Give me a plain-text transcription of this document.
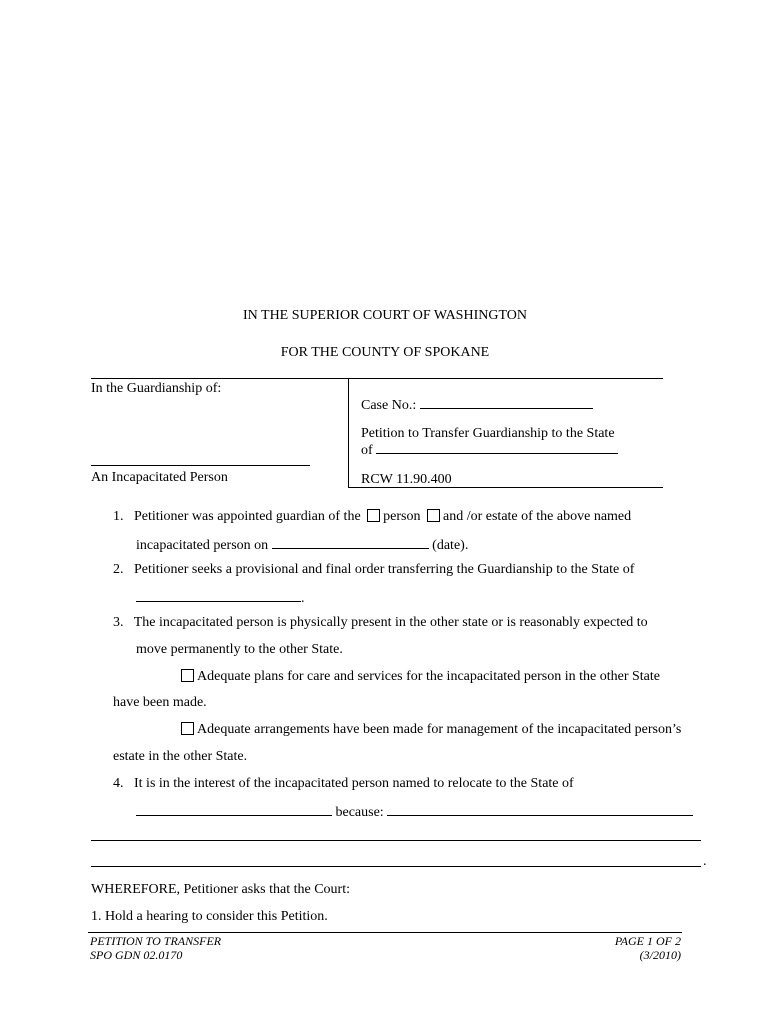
IN THE SUPERIOR COURT OF WASHINGTON
FOR THE COUNTY OF SPOKANE
In the Guardianship of:
An Incapacitated Person
Case No.:
Petition to Transfer Guardianship to the State
of
RCW 11.90.400
1. Petitioner was appointed guardian of the person and /or estate of the above named
incapacitated person on	(date).
2. Petitioner seeks a provisional and final order transferring the Guardianship to the State of
.
3. The incapacitated person is physically present in the other state or is reasonably expected to
move permanently to the other State.
Adequate plans for care and services for the incapacitated person in the other State
have been made.
Adequate arrangements have been made for management of the incapacitated person’s
estate in the other State.
4. It is in the interest of the incapacitated person named to relocate to the State of
because:
.
WHEREFORE, Petitioner asks that the Court:
1. Hold a hearing to consider this Petition.
PETITION TO TRANSFER
SPO GDN 02.0170
PAGE 1 OF 2
(3/2010)
